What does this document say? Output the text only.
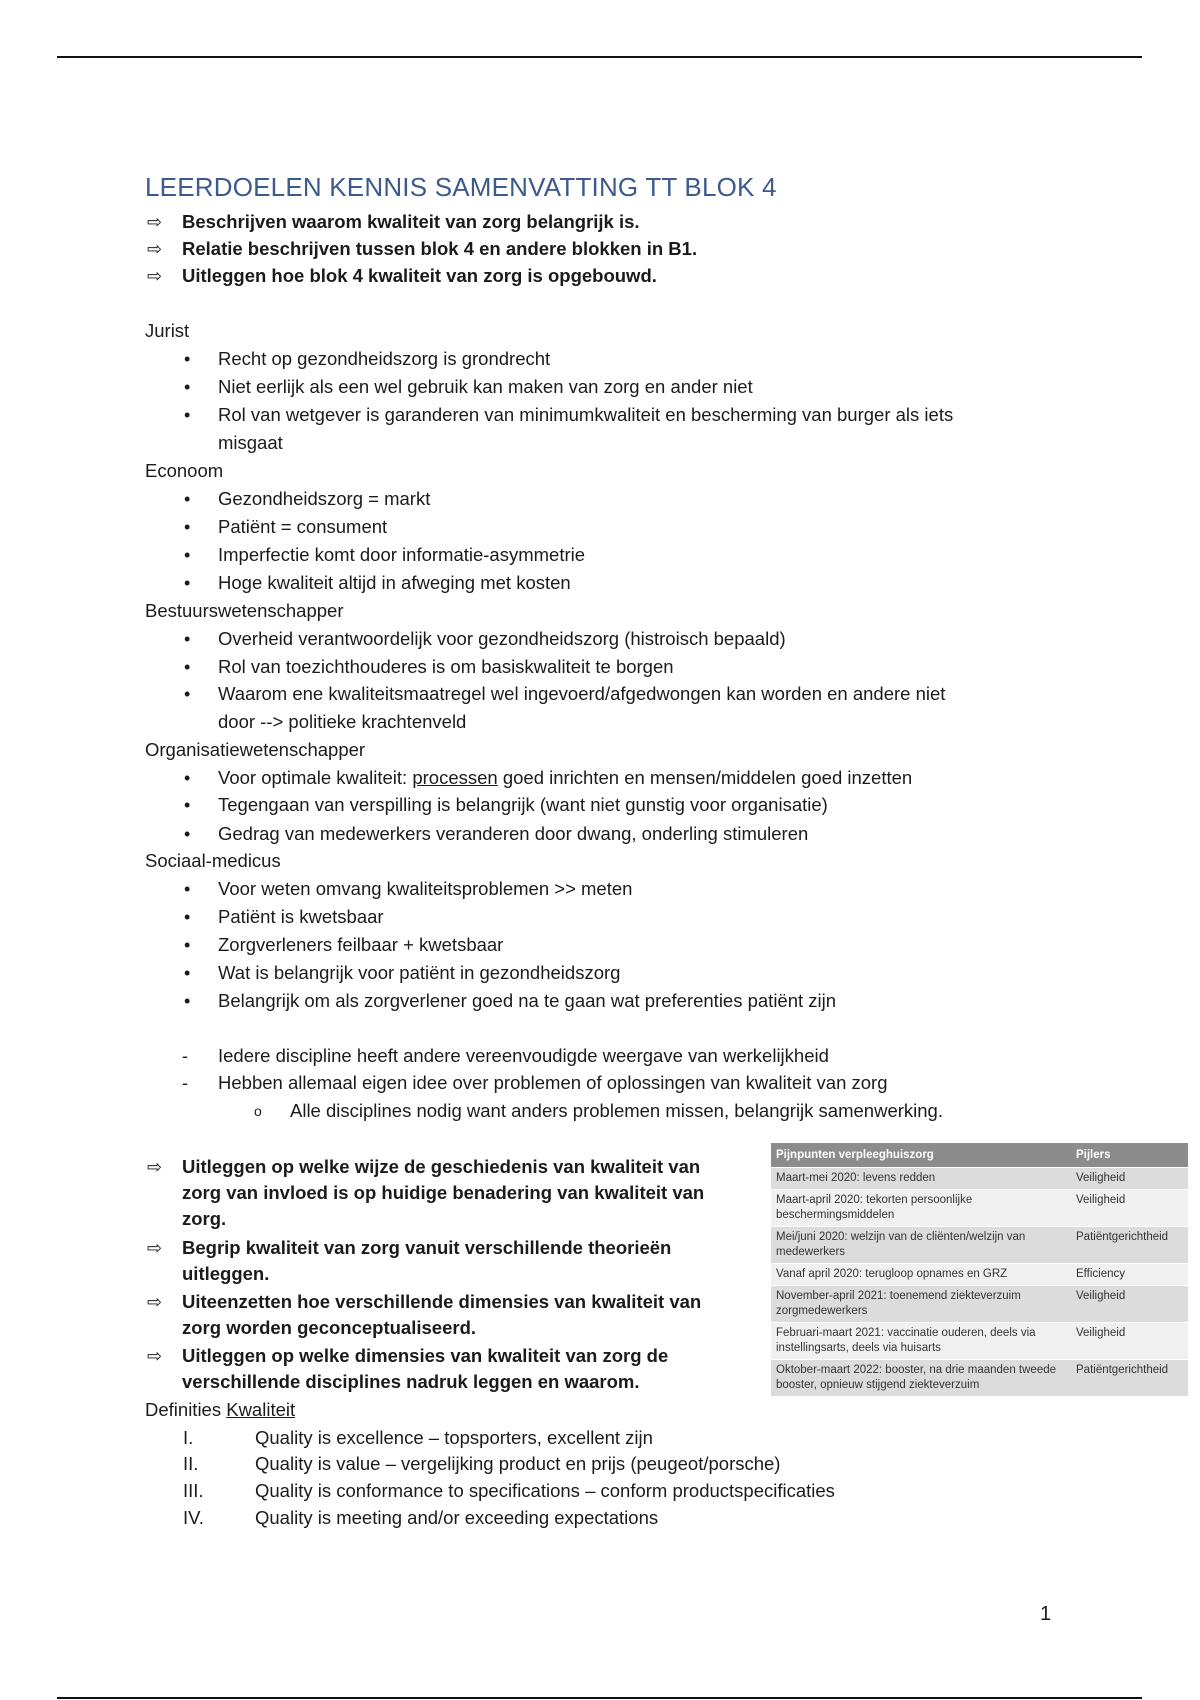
LEERDOELEN KENNIS SAMENVATTING TT BLOK 4
⇨ Beschrijven waarom kwaliteit van zorg belangrijk is.
⇨ Relatie beschrijven tussen blok 4 en andere blokken in B1.
⇨ Uitleggen hoe blok 4 kwaliteit van zorg is opgebouwd.
Jurist
• Recht op gezondheidszorg is grondrecht
• Niet eerlijk als een wel gebruik kan maken van zorg en ander niet
• Rol van wetgever is garanderen van minimumkwaliteit en bescherming van burger als iets
misgaat
Econoom
• Gezondheidszorg = markt
• Patiënt = consument
• Imperfectie komt door informatie-asymmetrie
• Hoge kwaliteit altijd in afweging met kosten
Bestuurswetenschapper
• Overheid verantwoordelijk voor gezondheidszorg (histroisch bepaald)
• Rol van toezichthouderes is om basiskwaliteit te borgen
• Waarom ene kwaliteitsmaatregel wel ingevoerd/afgedwongen kan worden en andere niet
door --> politieke krachtenveld
Organisatiewetenschapper
• Voor optimale kwaliteit: processen goed inrichten en mensen/middelen goed inzetten
• Tegengaan van verspilling is belangrijk (want niet gunstig voor organisatie)
• Gedrag van medewerkers veranderen door dwang, onderling stimuleren
Sociaal-medicus
• Voor weten omvang kwaliteitsproblemen >> meten
• Patiënt is kwetsbaar
• Zorgverleners feilbaar + kwetsbaar
• Wat is belangrijk voor patiënt in gezondheidszorg
• Belangrijk om als zorgverlener goed na te gaan wat preferenties patiënt zijn
- Iedere discipline heeft andere vereenvoudigde weergave van werkelijkheid
- Hebben allemaal eigen idee over problemen of oplossingen van kwaliteit van zorg
o Alle disciplines nodig want anders problemen missen, belangrijk samenwerking.
⇨ Uitleggen op welke wijze de geschiedenis van kwaliteit van
zorg van invloed is op huidige benadering van kwaliteit van
zorg.
⇨ Begrip kwaliteit van zorg vanuit verschillende theorieën
uitleggen.
⇨ Uiteenzetten hoe verschillende dimensies van kwaliteit van
zorg worden geconceptualiseerd.
⇨ Uitleggen op welke dimensies van kwaliteit van zorg de
verschillende disciplines nadruk leggen en waarom.
Definities Kwaliteit
I.	Quality is excellence – topsporters, excellent zijn
II.	Quality is value – vergelijking product en prijs (peugeot/porsche)
III.	Quality is conformance to specifications – conform productspecificaties
IV.	Quality is meeting and/or exceeding expectations
Pijnpunten verpleeghuiszorg	Pijlers
Maart-mei 2020: levens redden	Veiligheid
Maart-april 2020: tekorten persoonlijke beschermingsmiddelen	Veiligheid
Mei/juni 2020: welzijn van de cliënten/welzijn van medewerkers	Patiëntgerichtheid
Vanaf april 2020: terugloop opnames en GRZ	Efficiency
November-april 2021: toenemend ziekteverzuim zorgmedewerkers	Veiligheid
Februari-maart 2021: vaccinatie ouderen, deels via instellingsarts, deels via huisarts	Veiligheid
Oktober-maart 2022: booster, na drie maanden tweede booster, opnieuw stijgend ziekteverzuim	Patiëntgerichtheid
1
